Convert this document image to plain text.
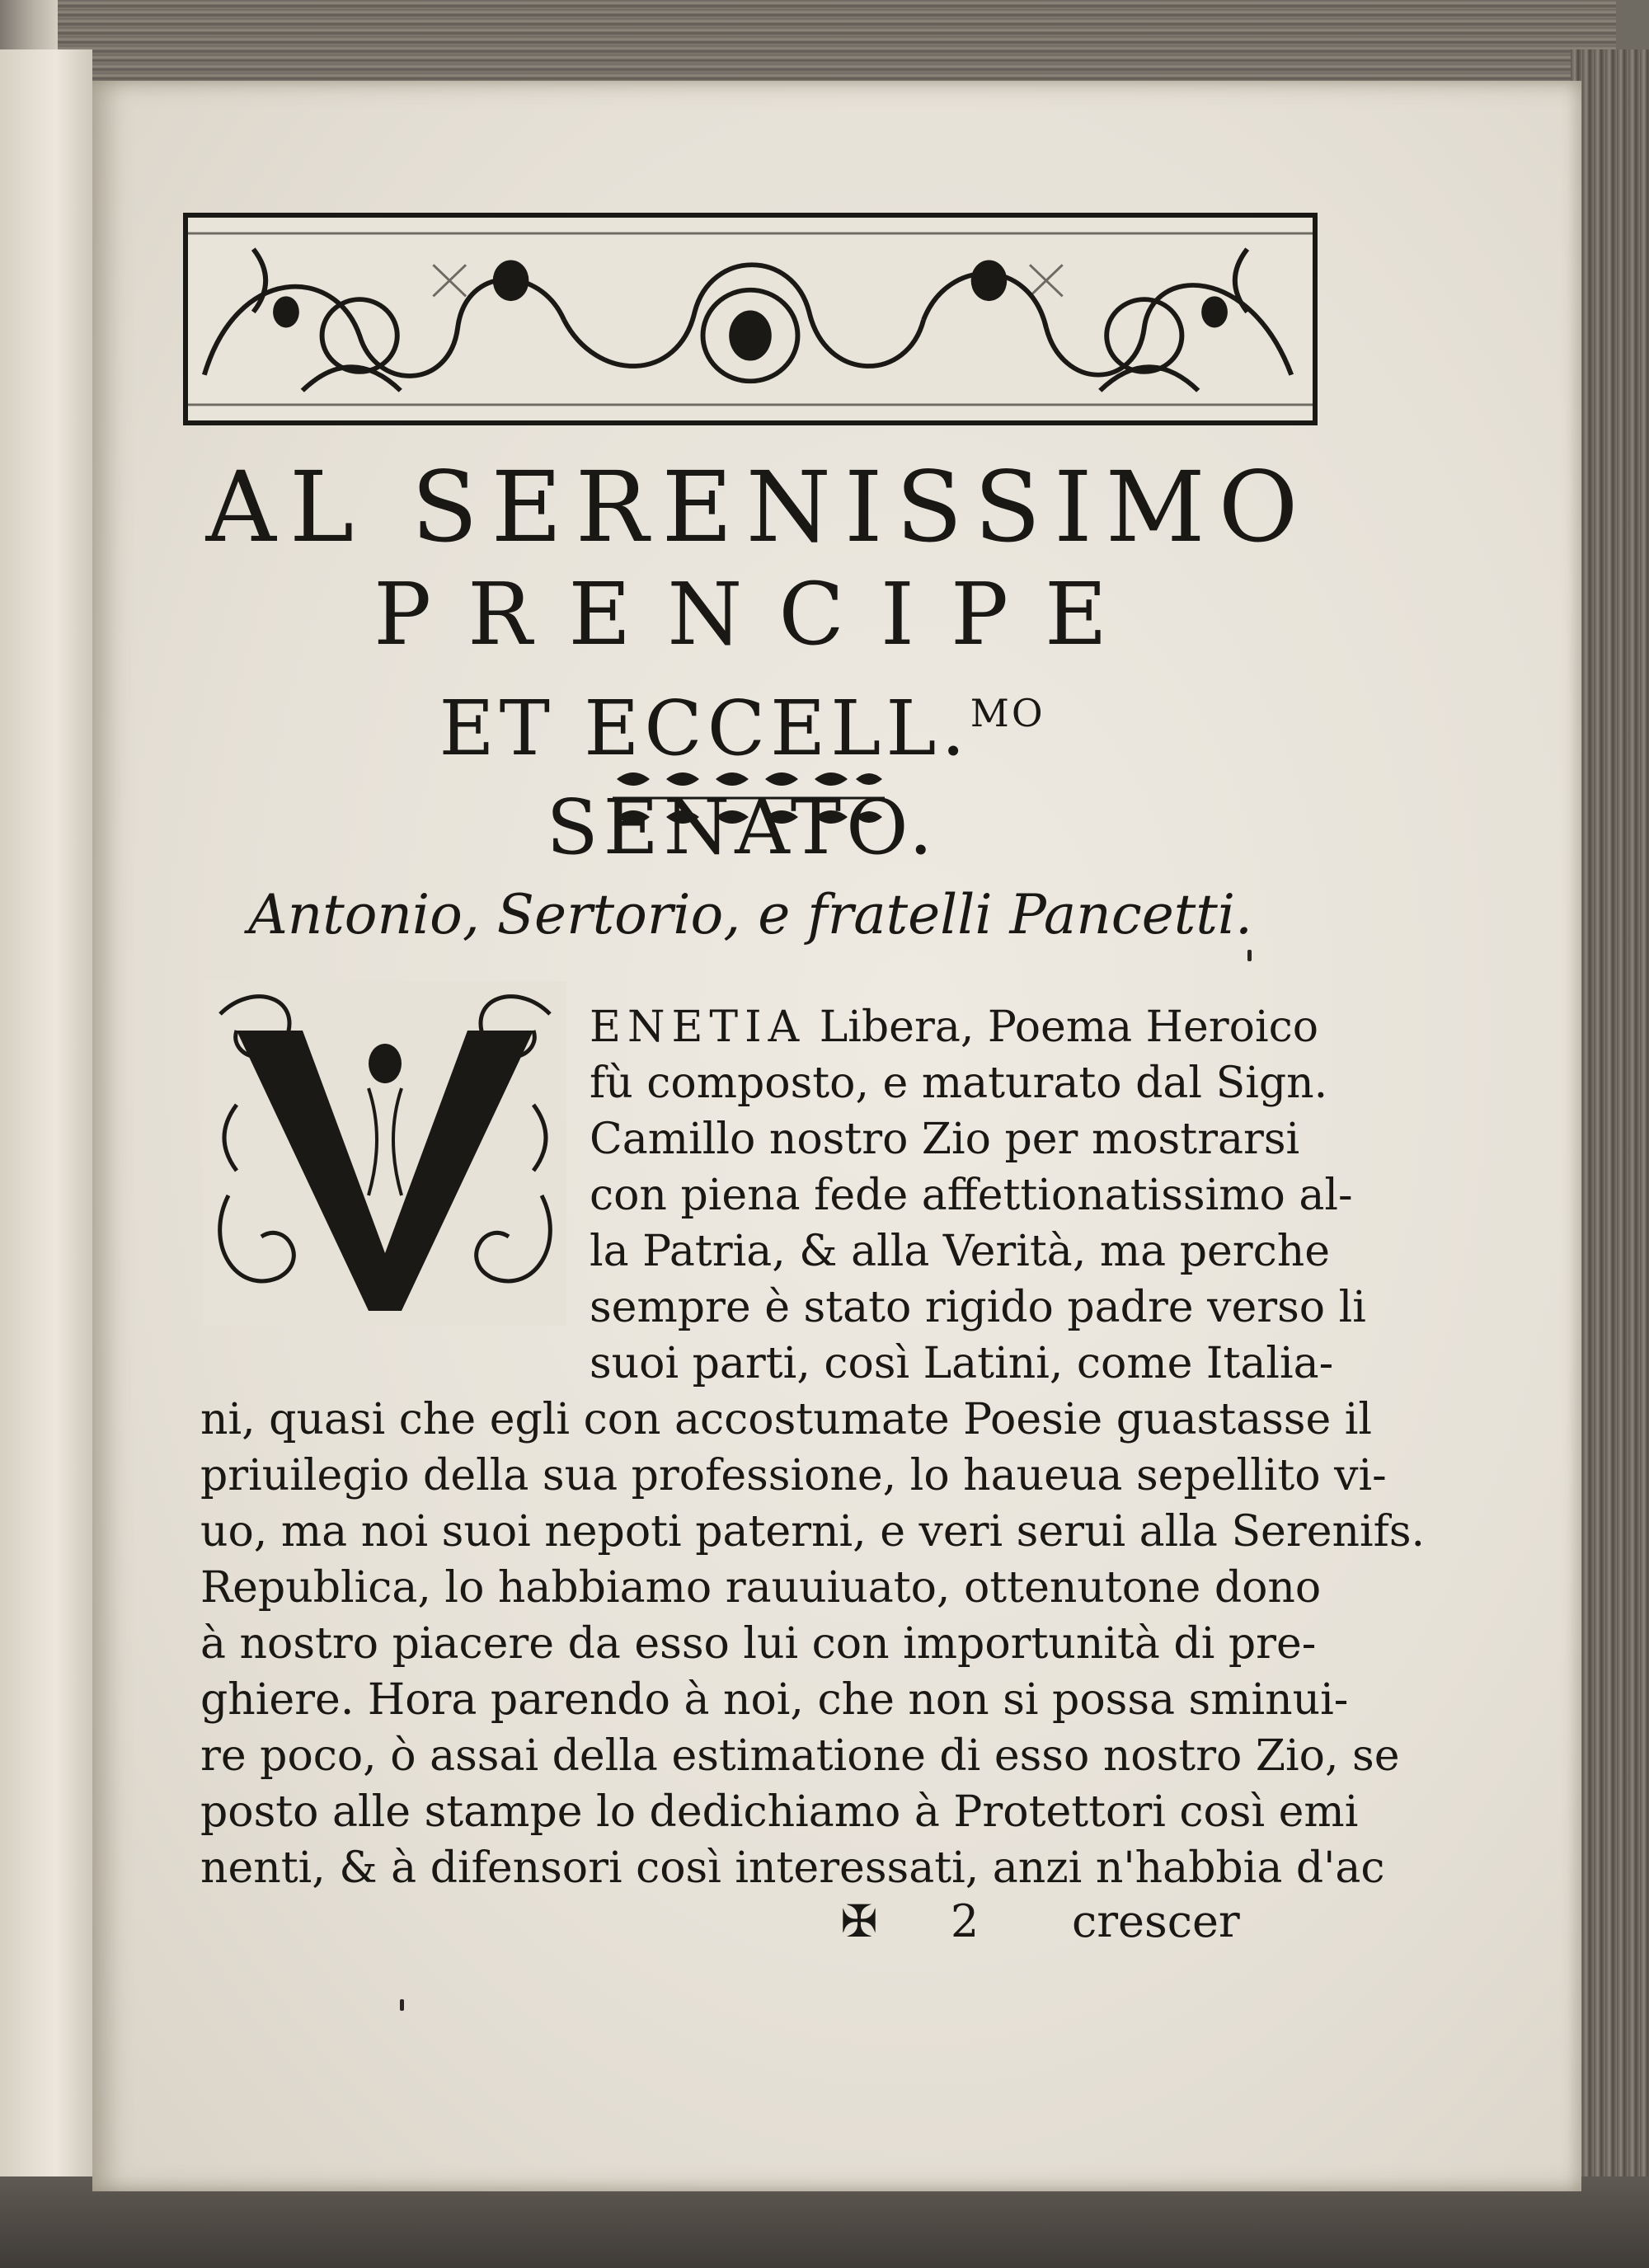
AL SERENISSIMO
PRENCIPE
ET ECCELL.$^{MO}$ SENATO.
Antonio, Sertorio, e fratelli Pancetti.
ENETIA Libera, Poema Heroico
fù composto, e maturato dal Sign.
Camillo nostro Zio per mostrarsi
con piena fede affettionatissimo al-
la Patria, & alla Verità, ma perche
sempre è stato rigido padre verso li
suoi parti, così Latini, come Italia-
ni, quasi che egli con accostumate Poesie guastasse il
priuilegio della sua professione, lo haueua sepellito vi-
uo, ma noi suoi nepoti paterni, e veri serui alla Serenifs.
Republica, lo habbiamo rauuiuato, ottenutone dono
à nostro piacere da esso lui con importunità di pre-
ghiere. Hora parendo à noi, che non si possa sminui-
re poco, ò assai della estimatione di esso nostro Zio, se
posto alle stampe lo dedichiamo à Protettori così emi
nenti, & à difensori così interessati, anzi n'habbia d'ac
✠	2	crescer
